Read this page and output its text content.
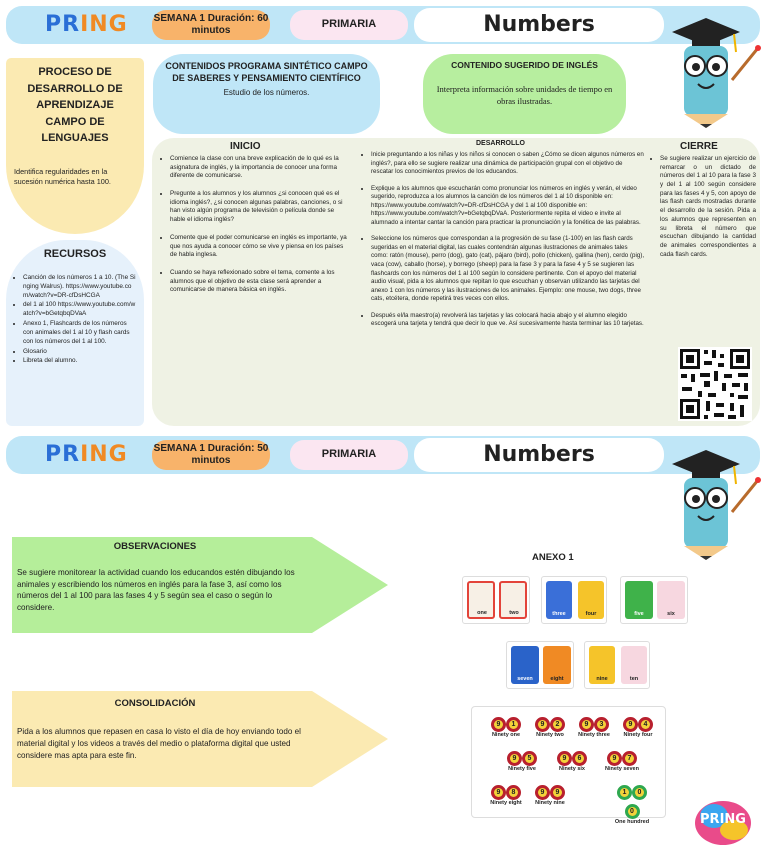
PRING	SEMANA 1 Duración: 60 minutos
PRIMARIA	Numbers
PROCESO DE DESARROLLO DE APRENDIZAJE CAMPO DE LENGUAJES
Identifica regularidades en la sucesión numérica hasta 100.
CONTENIDOS PROGRAMA SINTÉTICO CAMPO DE SABERES Y PENSAMIENTO CIENTÍFICO
Estudio de los números.
CONTENIDO SUGERIDO DE INGLÉS
Interpreta información sobre unidades de tiempo en obras ilustradas.
RECURSOS
• Canción de los números 1 a 10. (The Singing Walrus). https://www.youtube.com/watch?v=DR-cfDsHCGA
• del 1 al 100 https://www.youtube.com/watch?v=bGetqbqDVaA
• Anexo 1, Flashcards de los números con animales del 1 al 10 y flash cards con los números del 1 al 100.
• Glosario
• Libreta del alumno.
INICIO
• Comience la clase con una breve explicación de lo qué es la asignatura de inglés, y la importancia de conocer una forma diferente de comunicarse.
• Pregunte a los alumnos y los alumnos ¿si conocen qué es el idioma inglés?, ¿si conocen algunas palabras, canciones, o si han visto algún programa de televisión o película donde se hable el idioma inglés?
• Comente que el poder comunicarse en inglés es importante, ya que nos ayuda a conocer cómo se vive y piensa en los países de habla inglesa.
• Cuando se haya reflexionado sobre el tema, comente a los alumnos que el objetivo de esta clase será aprender a comunicarse de manera básica en inglés.
DESARROLLO
• Inicie preguntando a los niñas y los niños si conocen o saben ¿Cómo se dicen algunos números en inglés?, para ello se sugiere realizar una dinámica de participación grupal con el objetivo de rescatar los conocimientos previos de los educandos.
• Explique a los alumnos que escucharán como pronunciar los números en inglés y verán, el video sugerido, reproduzca a los alumnos la canción de los números del 1 al 10 disponible en: https://www.youtube.com/watch?v=DR-cfDsHCGA y del 1 al 100 disponible en: https://www.youtube.com/watch?v=bGetqbqDVaA. Posteriormente repita el video e invite al alumnado a intentar cantar la canción para practicar la pronunciación y la fonética de las palabras.
• Seleccione los números que correspondan a la progresión de su fase (1-100) en las flash cards sugeridas en el material digital, las cuales contendrán algunas ilustraciones de animales tales como: ratón (mouse), perro (dog), gato (cat), pájaro (bird), pollo (chicken), gallina (hen), cerdo (pig), vaca (cow), caballo (horse), y borrego (sheep) para la fase 3 y para la fase 4 y 5 se sugieren las flashcards con los números del 1 al 100 según lo considere pertinente. Con el apoyo del material audio visual, pida a los alumnos que repitan lo que escuchan y observan utilizando las tarjetas del anexo 1 con los números y las ilustraciones de los animales. Ejemplo: one mouse, two dogs, three cats, etcétera, donde repetirá tres veces con ellos.
• Después el/la maestro(a) revolverá las tarjetas y las colocará hacia abajo y el alumno elegido escogerá una tarjeta y tendrá que decir lo que ve. Así sucesivamente hasta terminar las 10 tarjetas.
CIERRE
• Se sugiere realizar un ejercicio de remarcar o un dictado de números del 1 al 10 para la fase 3 y del 1 al 100 según considere para las fases 4 y 5, con apoyo de las flash cards mostradas durante el desarrollo de la sesión. Pida a los alumnos que representen en su libreta el número que escuchan dibujando la cantidad de animales correspondientes a cada flash cards.
PRING	SEMANA 1 Duración: 50 minutos
PRIMARIA	Numbers
OBSERVACIONES
Se sugiere monitorear la actividad cuando los educandos estén dibujando los animales y escribiendo los números en inglés para la fase 3, así como los números del 1 al 100 para las fases 4 y 5 según sea el caso o según lo considere.
CONSOLIDACIÓN
Pida a los alumnos que repasen en casa lo visto el día de hoy enviando todo el material digital y los videos a través del medio o plataforma digital que usted considere mas apta para este fin.
ANEXO 1
one	two	three	four	five	six
seven	eight	nine	ten
9	1
Ninety one
9	2
Ninety two
9	3
Ninety three
9	4
Ninety four
9	5
Ninety five
9	6
Ninety six
9	7
Ninety seven
9	8
Ninety eight
9	9
Ninety nine
1	0
0
One hundred	PRING
